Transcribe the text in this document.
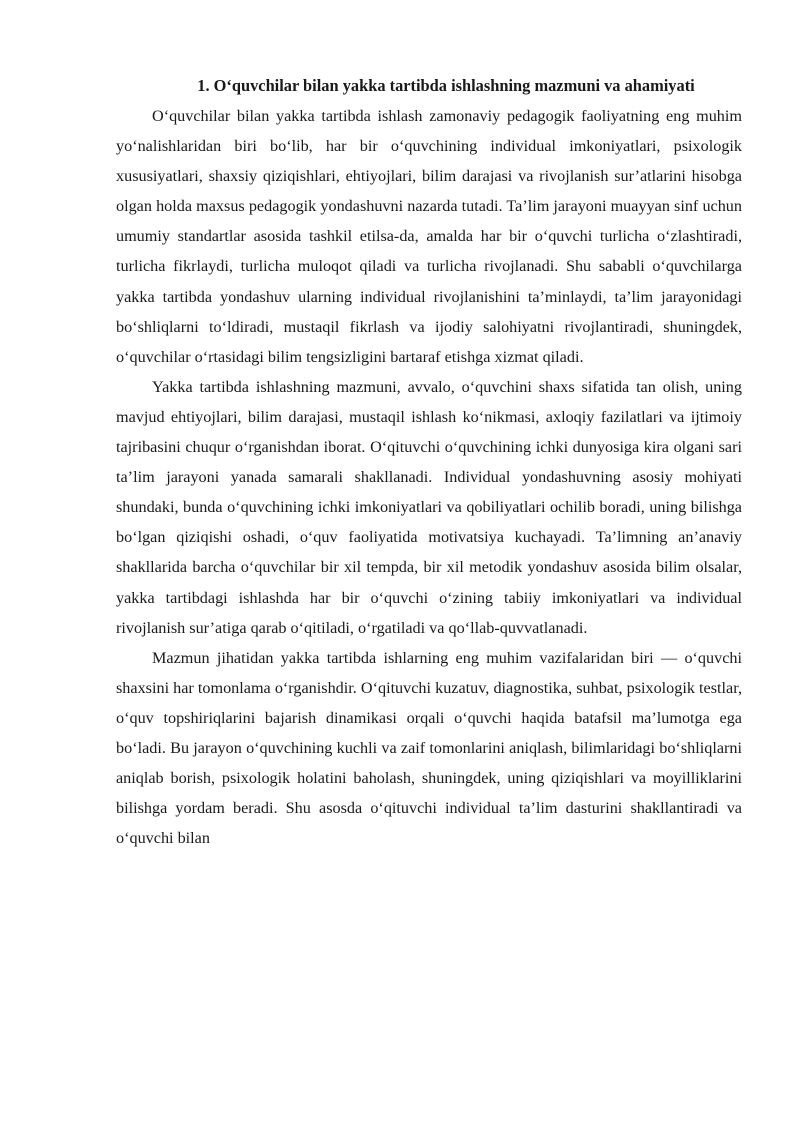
1. O‘quvchilar bilan yakka tartibda ishlashning mazmuni va ahamiyati

O‘quvchilar bilan yakka tartibda ishlash zamonaviy pedagogik faoliyatning eng muhim yo‘nalishlaridan biri bo‘lib, har bir o‘quvchining individual imkoniyatlari, psixologik xususiyatlari, shaxsiy qiziqishlari, ehtiyojlari, bilim darajasi va rivojlanish sur’atlarini hisobga olgan holda maxsus pedagogik yondashuvni nazarda tutadi. Ta’lim jarayoni muayyan sinf uchun umumiy standartlar asosida tashkil etilsa-da, amalda har bir o‘quvchi turlicha o‘zlashtiradi, turlicha fikrlaydi, turlicha muloqot qiladi va turlicha rivojlanadi. Shu sababli o‘quvchilarga yakka tartibda yondashuv ularning individual rivojlanishini ta’minlaydi, ta’lim jarayonidagi bo‘shliqlarni to‘ldiradi, mustaqil fikrlash va ijodiy salohiyatni rivojlantiradi, shuningdek, o‘quvchilar o‘rtasidagi bilim tengsizligini bartaraf etishga xizmat qiladi.

Yakka tartibda ishlashning mazmuni, avvalo, o‘quvchini shaxs sifatida tan olish, uning mavjud ehtiyojlari, bilim darajasi, mustaqil ishlash ko‘nikmasi, axloqiy fazilatlari va ijtimoiy tajribasini chuqur o‘rganishdan iborat. O‘qituvchi o‘quvchining ichki dunyosiga kira olgani sari ta’lim jarayoni yanada samarali shakllanadi. Individual yondashuvning asosiy mohiyati shundaki, bunda o‘quvchining ichki imkoniyatlari va qobiliyatlari ochilib boradi, uning bilishga bo‘lgan qiziqishi oshadi, o‘quv faoliyatida motivatsiya kuchayadi. Ta’limning an’anaviy shakllarida barcha o‘quvchilar bir xil tempda, bir xil metodik yondashuv asosida bilim olsalar, yakka tartibdagi ishlashda har bir o‘quvchi o‘zining tabiiy imkoniyatlari va individual rivojlanish sur’atiga qarab o‘qitiladi, o‘rgatiladi va qo‘llab-quvvatlanadi.

Mazmun jihatidan yakka tartibda ishlarning eng muhim vazifalaridan biri — o‘quvchi shaxsini har tomonlama o‘rganishdir. O‘qituvchi kuzatuv, diagnostika, suhbat, psixologik testlar, o‘quv topshiriqlarini bajarish dinamikasi orqali o‘quvchi haqida batafsil ma’lumotga ega bo‘ladi. Bu jarayon o‘quvchining kuchli va zaif tomonlarini aniqlash, bilimlaridagi bo‘shliqlarni aniqlab borish, psixologik holatini baholash, shuningdek, uning qiziqishlari va moyilliklarini bilishga yordam beradi. Shu asosda o‘qituvchi individual ta’lim dasturini shakllantiradi va o‘quvchi bilan
